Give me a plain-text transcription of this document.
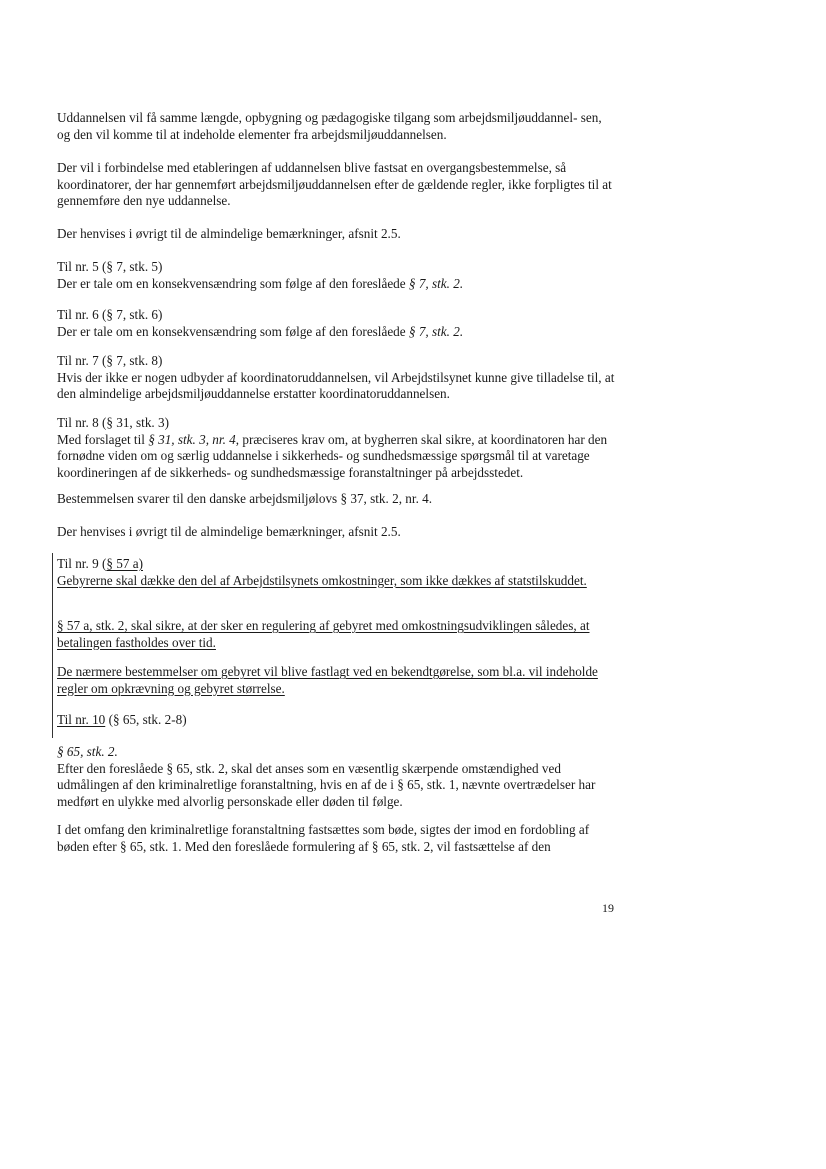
Uddannelsen vil få samme længde, opbygning og pædagogiske tilgang som arbejdsmiljøuddannel- sen, og den vil komme til at indeholde elementer fra arbejdsmiljøuddannelsen.

Der vil i forbindelse med etableringen af uddannelsen blive fastsat en overgangsbestemmelse, så koordinatorer, der har gennemført arbejdsmiljøuddannelsen efter de gældende regler, ikke forpligtes til at gennemføre den nye uddannelse.

Der henvises i øvrigt til de almindelige bemærkninger, afsnit 2.5.

Til nr. 5 (§ 7, stk. 5)
Der er tale om en konsekvensændring som følge af den foreslåede § 7, stk. 2.
Til nr. 6 (§ 7, stk. 6)
Der er tale om en konsekvensændring som følge af den foreslåede § 7, stk. 2.
Til nr. 7 (§ 7, stk. 8)
Hvis der ikke er nogen udbyder af koordinatoruddannelsen, vil Arbejdstilsynet kunne give tilladelse til, at den almindelige arbejdsmiljøuddannelse erstatter koordinatoruddannelsen.
Til nr. 8 (§ 31, stk. 3)
Med forslaget til § 31, stk. 3, nr. 4, præciseres krav om, at bygherren skal sikre, at koordinatoren har den fornødne viden om og særlig uddannelse i sikkerheds- og sundhedsmæssige spørgsmål til at varetage koordineringen af de sikkerheds- og sundhedsmæssige foranstaltninger på arbejdsstedet.

Bestemmelsen svarer til den danske arbejdsmiljølovs § 37, stk. 2, nr. 4.

Der henvises i øvrigt til de almindelige bemærkninger, afsnit 2.5.

Til nr. 9 (§ 57 a)
Gebyrerne skal dække den del af Arbejdstilsynets omkostninger, som ikke dækkes af statstilskuddet.

§ 57 a, stk. 2, skal sikre, at der sker en regulering af gebyret med omkostningsudviklingen således, at betalingen fastholdes over tid.

De nærmere bestemmelser om gebyret vil blive fastlagt ved en bekendtgørelse, som bl.a. vil indeholde regler om opkrævning og gebyret størrelse.

Til nr. 10 (§ 65, stk. 2-8)
§ 65, stk. 2.
Efter den foreslåede § 65, stk. 2, skal det anses som en væsentlig skærpende omstændighed ved udmålingen af den kriminalretlige foranstaltning, hvis en af de i § 65, stk. 1, nævnte overtrædelser har medført en ulykke med alvorlig personskade eller døden til følge.

I det omfang den kriminalretlige foranstaltning fastsættes som bøde, sigtes der imod en fordobling af bøden efter § 65, stk. 1. Med den foreslåede formulering af § 65, stk. 2, vil fastsættelse af den

19
